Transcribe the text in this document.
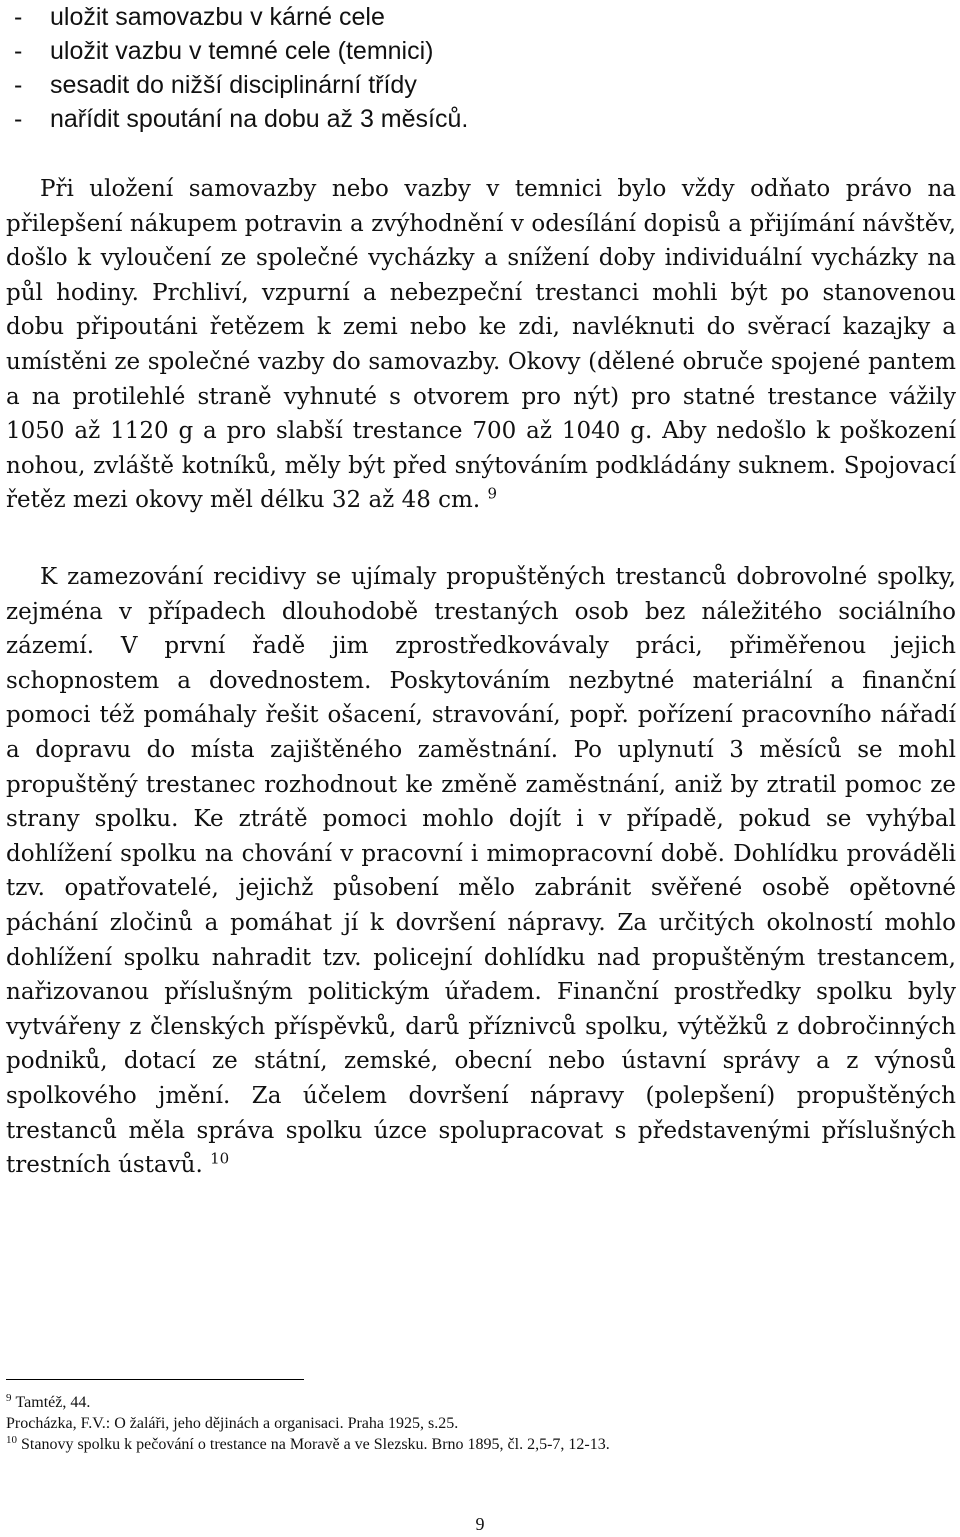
-	uložit samovazbu v kárné cele
-	uložit vazbu v temné cele (temnici)
-	sesadit do nižší disciplinární třídy
-	nařídit spoutání na dobu až 3 měsíců.

Při uložení samovazby nebo vazby v temnici bylo vždy odňato právo na přilepšení nákupem potravin a zvýhodnění v odesílání dopisů a přijímání návštěv, došlo k vyloučení ze společné vycházky a snížení doby individuální vycházky na půl hodiny. Prchliví, vzpurní a nebezpeční trestanci mohli být po stanovenou dobu připoutáni řetězem k zemi nebo ke zdi, navléknuti do svěrací kazajky a umístěni ze společné vazby do samovazby. Okovy (dělené obruče spojené pantem a na protilehlé straně vyhnuté s otvorem pro nýt) pro statné trestance vážily 1050 až 1120 g a pro slabší trestance 700 až 1040 g. Aby nedošlo k poškození nohou, zvláště kotníků, měly být před snýtováním podkládány suknem. Spojovací řetěz mezi okovy měl délku 32 až 48 cm. $^9$

K zamezování recidivy se ujímaly propuštěných trestanců dobrovolné spolky, zejména v případech dlouhodobě trestaných osob bez náležitého sociálního zázemí. V první řadě jim zprostředkovávaly práci, přiměřenou jejich schopnostem a dovednostem. Poskytováním nezbytné materiální a finanční pomoci též pomáhaly řešit ošacení, stravování, popř. pořízení pracovního nářadí a dopravu do místa zajištěného zaměstnání. Po uplynutí 3 měsíců se mohl propuštěný trestanec rozhodnout ke změně zaměstnání, aniž by ztratil pomoc ze strany spolku. Ke ztrátě pomoci mohlo dojít i v případě, pokud se vyhýbal dohlížení spolku na chování v pracovní i mimopracovní době. Dohlídku prováděli tzv. opatřovatelé, jejichž působení mělo zabránit svěřené osobě opětovné páchání zločinů a pomáhat jí k dovršení nápravy. Za určitých okolností mohlo dohlížení spolku nahradit tzv. policejní dohlídku nad propuštěným trestancem, nařizovanou příslušným politickým úřadem. Finanční prostředky spolku byly vytvářeny z členských příspěvků, darů příznivců spolku, výtěžků z dobročinných podniků, dotací ze státní, zemské, obecní nebo ústavní správy a z výnosů spolkového jmění. Za účelem dovršení nápravy (polepšení) propuštěných trestanců měla správa spolku úzce spolupracovat s představenými příslušných trestních ústavů. $^{10}$

$^9$ Tamtéž, 44.
Procházka, F.V.: O žaláři, jeho dějinách a organisaci. Praha 1925, s.25.
$^{10}$ Stanovy spolku k pečování o trestance na Moravě a ve Slezsku. Brno 1895, čl. 2,5-7, 12-13.
9
